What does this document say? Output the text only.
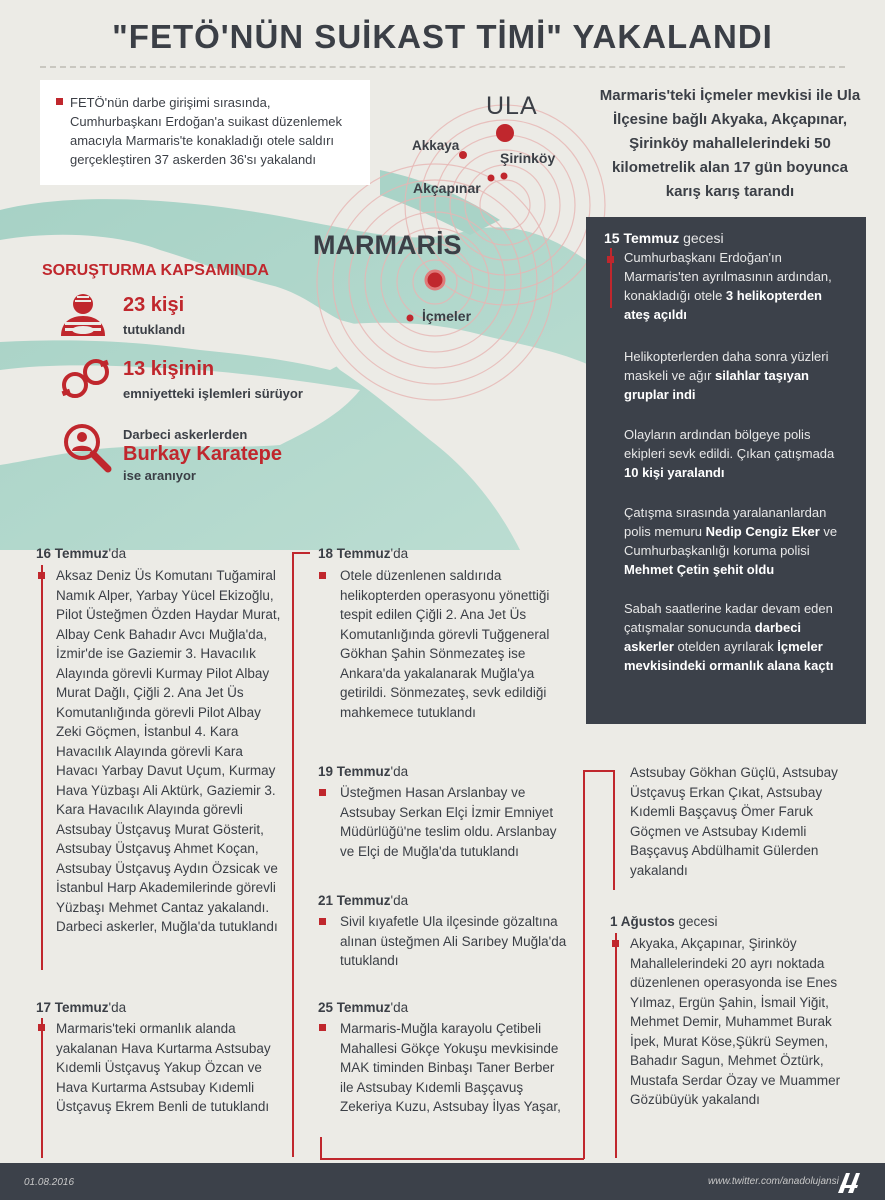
"FETÖ'NÜN SUİKAST TİMİ" YAKALANDI
ULA
Akkaya
Şirinköy
Akçapınar
MARMARİS
İçmeler
FETÖ'nün darbe girişimi sırasında, Cumhurbaşkanı Erdoğan'a suikast düzenlemek amacıyla Marmaris'te konakladığı otele saldırı gerçekleştiren 37 askerden 36'sı yakalandı
Marmaris'teki İçmeler mevkisi ile Ula İlçesine bağlı Akyaka, Akçapınar, Şirinköy mahallelerindeki 50 kilometrelik alan 17 gün boyunca karış karış tarandı
SORUŞTURMA KAPSAMINDA
23 kişi
tutuklandı
13 kişinin
emniyetteki işlemleri sürüyor
Darbeci askerlerden
Burkay Karatepe
ise aranıyor
15 Temmuz gecesi
Cumhurbaşkanı Erdoğan'ın Marmaris'ten ayrılmasının ardından, konakladığı otele 3 helikopterden ateş açıldı
Helikopterlerden daha sonra yüzleri maskeli ve ağır silahlar taşıyan gruplar indi
Olayların ardından bölgeye polis ekipleri sevk edildi. Çıkan çatışmada 10 kişi yaralandı
Çatışma sırasında yaralananlardan polis memuru Nedip Cengiz Eker ve Cumhurbaşkanlığı koruma polisi Mehmet Çetin şehit oldu
Sabah saatlerine kadar devam eden çatışmalar sonucunda darbeci askerler otelden ayrılarak İçmeler mevkisindeki ormanlık alana kaçtı
16 Temmuz'da
Aksaz Deniz Üs Komutanı Tuğamiral
Namık Alper, Yarbay Yücel Ekizoğlu,
Pilot Üsteğmen Özden Haydar Murat,
Albay Cenk Bahadır Avcı Muğla'da,
İzmir'de ise Gaziemir 3. Havacılık
Alayında görevli Kurmay Pilot Albay
Murat Dağlı, Çiğli 2. Ana Jet Üs
Komutanlığında görevli Pilot Albay
Zeki Göçmen, İstanbul 4. Kara
Havacılık Alayında görevli Kara
Havacı Yarbay Davut Uçum, Kurmay
Hava Yüzbaşı Ali Aktürk, Gaziemir 3.
Kara Havacılık Alayında görevli
Astsubay Üstçavuş Murat Gösterit,
Astsubay Üstçavuş Ahmet Koçan,
Astsubay Üstçavuş Aydın Özsicak ve
İstanbul Harp Akademilerinde görevli
Yüzbaşı Mehmet Cantaz yakalandı.
Darbeci askerler, Muğla'da tutuklandı
17 Temmuz'da
Marmaris'teki ormanlık alanda
yakalanan Hava Kurtarma Astsubay
Kıdemli Üstçavuş Yakup Özcan ve
Hava Kurtarma Astsubay Kıdemli
Üstçavuş Ekrem Benli de tutuklandı
18 Temmuz'da
Otele düzenlenen saldırıda
helikopterden operasyonu yönettiği
tespit edilen Çiğli 2. Ana Jet Üs
Komutanlığında görevli Tuğgeneral
Gökhan Şahin Sönmezateş ise
Ankara'da yakalanarak Muğla'ya
getirildi. Sönmezateş, sevk edildiği
mahkemece tutuklandı
19 Temmuz'da
Üsteğmen Hasan Arslanbay ve
Astsubay Serkan Elçi İzmir Emniyet
Müdürlüğü'ne teslim oldu. Arslanbay
ve Elçi de Muğla'da tutuklandı
21 Temmuz'da
Sivil kıyafetle Ula ilçesinde gözaltına
alınan üsteğmen Ali Sarıbey Muğla'da
tutuklandı
25 Temmuz'da
Marmaris-Muğla karayolu Çetibeli
Mahallesi Gökçe Yokuşu mevkisinde
MAK timinden Binbaşı Taner Berber
ile Astsubay Kıdemli Başçavuş
Zekeriya Kuzu, Astsubay İlyas Yaşar,
Astsubay Gökhan Güçlü, Astsubay
Üstçavuş Erkan Çıkat, Astsubay
Kıdemli Başçavuş Ömer Faruk
Göçmen ve Astsubay Kıdemli
Başçavuş Abdülhamit Gülerden
yakalandı
1 Ağustos gecesi
Akyaka, Akçapınar, Şirinköy
Mahallelerindeki 20 ayrı noktada
düzenlenen operasyonda ise Enes
Yılmaz, Ergün Şahin, İsmail Yiğit,
Mehmet Demir, Muhammet Burak
İpek, Murat Köse,Şükrü Seymen,
Bahadır Sagun, Mehmet Öztürk,
Mustafa Serdar Özay ve Muammer
Gözübüyük yakalandı
01.08.2016	www.twitter.com/anadolujansi
